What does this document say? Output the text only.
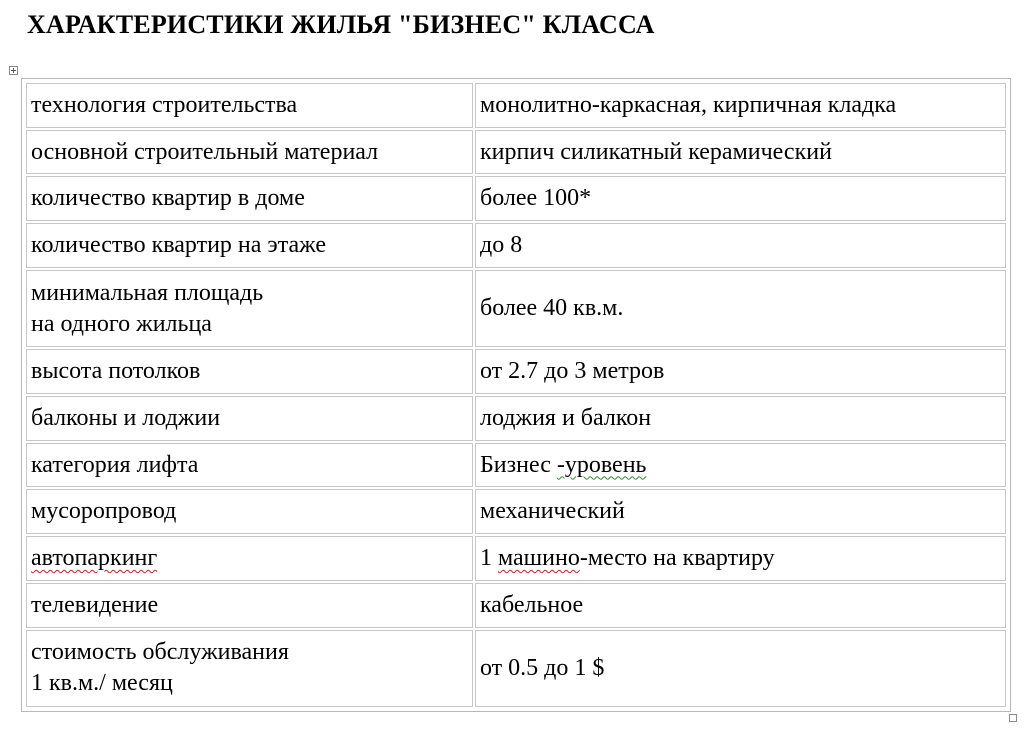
ХАРАКТЕРИСТИКИ ЖИЛЬЯ "БИЗНЕС" КЛАССА
технология строительства	монолитно-каркасная, кирпичная кладка
основной строительный материал	кирпич силикатный керамический
количество квартир в доме	более 100*
количество квартир на этаже	до 8

минимальная площадь
на одного жильца	более 40 кв.м.
высота потолков	от 2.7 до 3 метров
балконы и лоджии	лоджия и балкон
категория лифта	Бизнес -уровень
мусоропровод	механический
автопаркинг	1 машино-место на квартиру
телевидение	кабельное

стоимость обслуживания
1 кв.м./ месяц	от 0.5 до 1 $
